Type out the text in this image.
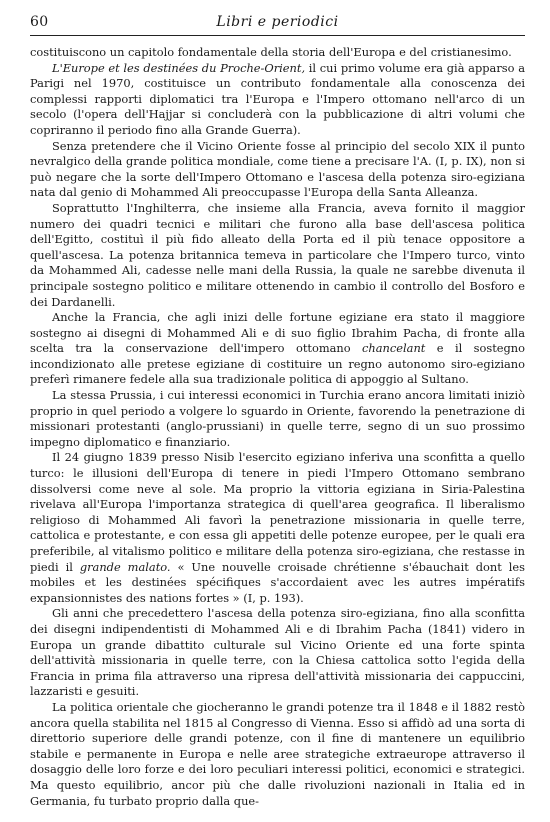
60	Libri e periodici

costituiscono un capitolo fondamentale della storia dell'Europa e del cristianesimo.

L'Europe et les destinées du Proche-Orient, il cui primo volume era già apparso a Parigi nel 1970, costituisce un contributo fondamentale alla conoscenza dei complessi rapporti diplomatici tra l'Europa e l'Impero ottomano nell'arco di un secolo (l'opera dell'Hajjar si concluderà con la pubblicazione di altri volumi che copriranno il periodo fino alla Grande Guerra).

Senza pretendere che il Vicino Oriente fosse al principio del secolo XIX il punto nevralgico della grande politica mondiale, come tiene a precisare l'A. (I, p. IX), non si può negare che la sorte dell'Impero Ottomano e l'ascesa della potenza siro-egiziana nata dal genio di Mohammed Ali preoccupasse l'Europa della Santa Alleanza.

Soprattutto l'Inghilterra, che insieme alla Francia, aveva fornito il maggior numero dei quadri tecnici e militari che furono alla base dell'ascesa politica dell'Egitto, costituì il più fido alleato della Porta ed il più tenace oppositore a quell'ascesa. La potenza britannica temeva in particolare che l'Impero turco, vinto da Mohammed Ali, cadesse nelle mani della Russia, la quale ne sarebbe divenuta il principale sostegno politico e militare ottenendo in cambio il controllo del Bosforo e dei Dardanelli.

Anche la Francia, che agli inizi delle fortune egiziane era stato il maggiore sostegno ai disegni di Mohammed Ali e di suo figlio Ibrahim Pacha, di fronte alla scelta tra la conservazione dell'impero ottomano chancelant e il sostegno incondizionato alle pretese egiziane di costituire un regno autonomo siro-egiziano preferì rimanere fedele alla sua tradizionale politica di appoggio al Sultano.

La stessa Prussia, i cui interessi economici in Turchia erano ancora limitati iniziò proprio in quel periodo a volgere lo sguardo in Oriente, favorendo la penetrazione di missionari protestanti (anglo-prussiani) in quelle terre, segno di un suo prossimo impegno diplomatico e finanziario.

Il 24 giugno 1839 presso Nisib l'esercito egiziano inferiva una sconfitta a quello turco: le illusioni dell'Europa di tenere in piedi l'Impero Ottomano sembrano dissolversi come neve al sole. Ma proprio la vittoria egiziana in Siria-Palestina rivelava all'Europa l'importanza strategica di quell'area geografica. Il liberalismo religioso di Mohammed Ali favorì la penetrazione missionaria in quelle terre, cattolica e protestante, e con essa gli appetiti delle potenze europee, per le quali era preferibile, al vitalismo politico e militare della potenza siro-egiziana, che restasse in piedi il grande malato. « Une nouvelle croisade chrétienne s'ébauchait dont les mobiles et les destinées spécifiques s'accordaient avec les autres impératifs expansionnistes des nations fortes » (I, p. 193).

Gli anni che precedettero l'ascesa della potenza siro-egiziana, fino alla sconfitta dei disegni indipendentisti di Mohammed Ali e di Ibrahim Pacha (1841) videro in Europa un grande dibattito culturale sul Vicino Oriente ed una forte spinta dell'attività missionaria in quelle terre, con la Chiesa cattolica sotto l'egida della Francia in prima fila attraverso una ripresa dell'attività missionaria dei cappuccini, lazzaristi e gesuiti.

La politica orientale che giocheranno le grandi potenze tra il 1848 e il 1882 restò ancora quella stabilita nel 1815 al Congresso di Vienna. Esso si affidò ad una sorta di direttorio superiore delle grandi potenze, con il fine di mantenere un equilibrio stabile e permanente in Europa e nelle aree strategiche extraeurope attraverso il dosaggio delle loro forze e dei loro peculiari interessi politici, economici e strategici. Ma questo equilibrio, ancor più che dalle rivoluzioni nazionali in Italia ed in Germania, fu turbato proprio dalla que-
